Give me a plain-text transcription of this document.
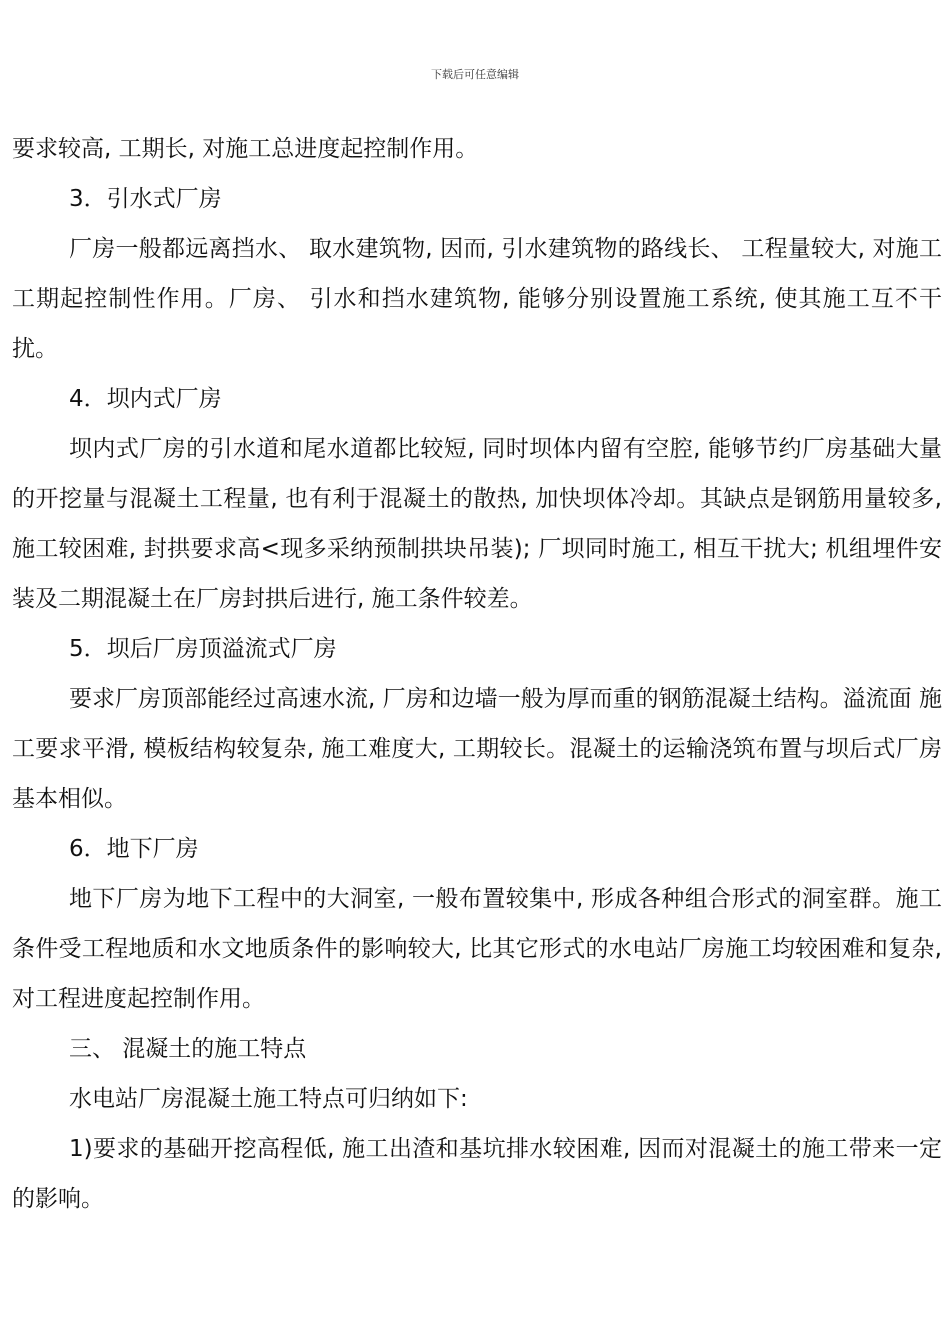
下载后可任意编辑

要求较高, 工期长, 对施工总进度起控制作用。

3．引水式厂房

厂房一般都远离挡水、 取水建筑物, 因而, 引水建筑物的路线长、 工程量较大, 对施工工期起控制性作用。厂房、 引水和挡水建筑物, 能够分别设置施工系统, 使其施工互不干扰。

4．坝内式厂房

坝内式厂房的引水道和尾水道都比较短, 同时坝体内留有空腔, 能够节约厂房基础大量的开挖量与混凝土工程量, 也有利于混凝土的散热, 加快坝体冷却。其缺点是钢筋用量较多, 施工较困难, 封拱要求高<现多采纳预制拱块吊装); 厂坝同时施工, 相互干扰大; 机组埋件安装及二期混凝土在厂房封拱后进行, 施工条件较差。

5．坝后厂房顶溢流式厂房

要求厂房顶部能经过高速水流, 厂房和边墙一般为厚而重的钢筋混凝土结构。溢流面 施工要求平滑, 模板结构较复杂, 施工难度大, 工期较长。混凝土的运输浇筑布置与坝后式厂房基本相似。

6．地下厂房

地下厂房为地下工程中的大洞室, 一般布置较集中, 形成各种组合形式的洞室群。施工条件受工程地质和水文地质条件的影响较大, 比其它形式的水电站厂房施工均较困难和复杂, 对工程进度起控制作用。

三、 混凝土的施工特点

水电站厂房混凝土施工特点可归纳如下:

1)要求的基础开挖高程低, 施工出渣和基坑排水较困难, 因而对混凝土的施工带来一定的影响。
